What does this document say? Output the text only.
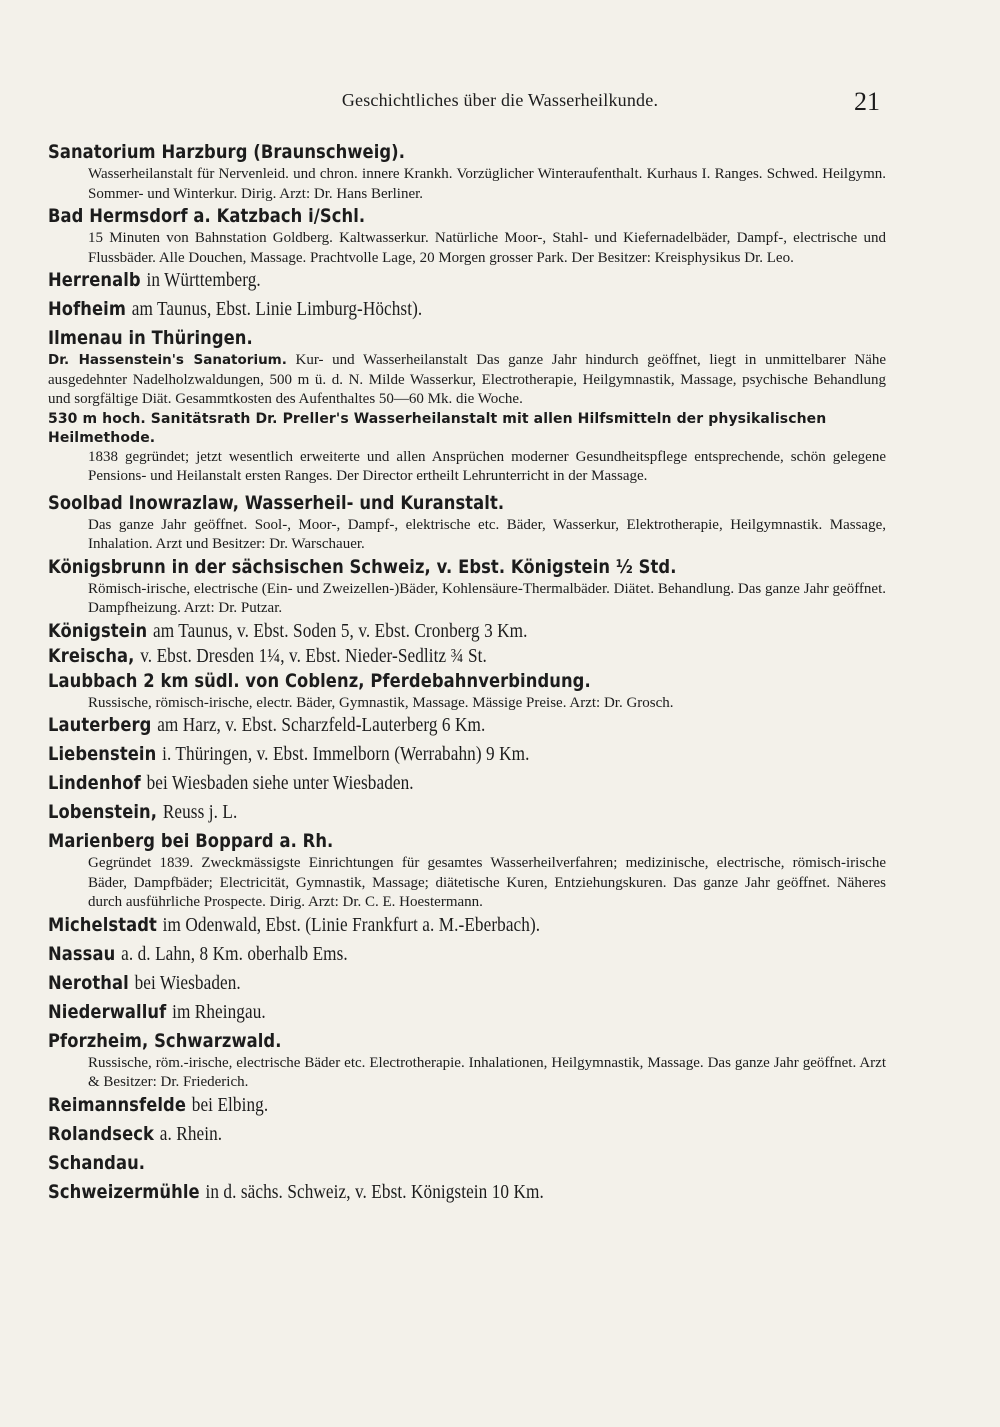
Geschichtliches über die Wasserheilkunde.	21
Sanatorium Harzburg (Braunschweig).

Wasserheilanstalt für Nervenleid. und chron. innere Krankh. Vorzüglicher Winteraufenthalt. Kurhaus I. Ranges. Schwed. Heilgymn. Sommer- und Winterkur. Dirig. Arzt: Dr. Hans Berliner.

Bad Hermsdorf a. Katzbach i/Schl.

15 Minuten von Bahnstation Goldberg. Kaltwasserkur. Natürliche Moor-, Stahl- und Kiefernadelbäder, Dampf-, electrische und Flussbäder. Alle Douchen, Massage. Prachtvolle Lage, 20 Morgen grosser Park. Der Besitzer: Kreisphysikus Dr. Leo.

Herrenalb in Württemberg.
Hofheim am Taunus, Ebst. Linie Limburg-Höchst).
Ilmenau in Thüringen.

Dr. Hassenstein's Sanatorium. Kur- und Wasserheilanstalt Das ganze Jahr hindurch geöffnet, liegt in unmittelbarer Nähe ausgedehnter Nadelholzwaldungen, 500 m ü. d. N. Milde Wasserkur, Electrotherapie, Heilgymnastik, Massage, psychische Behandlung und sorgfältige Diät. Gesammtkosten des Aufenthaltes 50—60 Mk. die Woche.

530 m hoch. Sanitätsrath Dr. Preller's Wasserheilanstalt mit allen Hilfsmitteln der physikalischen Heilmethode.

1838 gegründet; jetzt wesentlich erweiterte und allen Ansprüchen moderner Gesundheitspflege entsprechende, schön gelegene Pensions- und Heilanstalt ersten Ranges. Der Director ertheilt Lehrunterricht in der Massage.

Soolbad Inowrazlaw, Wasserheil- und Kuranstalt.

Das ganze Jahr geöffnet. Sool-, Moor-, Dampf-, elektrische etc. Bäder, Wasserkur, Elektrotherapie, Heilgymnastik. Massage, Inhalation. Arzt und Besitzer: Dr. Warschauer.

Königsbrunn in der sächsischen Schweiz, v. Ebst. Königstein ½ Std.

Römisch-irische, electrische (Ein- und Zweizellen-)Bäder, Kohlensäure-Thermalbäder. Diätet. Behandlung. Das ganze Jahr geöffnet. Dampfheizung. Arzt: Dr. Putzar.

Königstein am Taunus, v. Ebst. Soden 5, v. Ebst. Cronberg 3 Km.
Kreischa, v. Ebst. Dresden 1¼, v. Ebst. Nieder-Sedlitz ¾ St.
Laubbach 2 km südl. von Coblenz, Pferdebahnverbindung.

Russische, römisch-irische, electr. Bäder, Gymnastik, Massage. Mässige Preise. Arzt: Dr. Grosch.

Lauterberg am Harz, v. Ebst. Scharzfeld-Lauterberg 6 Km.
Liebenstein i. Thüringen, v. Ebst. Immelborn (Werrabahn) 9 Km.
Lindenhof bei Wiesbaden siehe unter Wiesbaden.
Lobenstein, Reuss j. L.
Marienberg bei Boppard a. Rh.

Gegründet 1839. Zweckmässigste Einrichtungen für gesamtes Wasserheilverfahren; medizinische, electrische, römisch-irische Bäder, Dampfbäder; Electricität, Gymnastik, Massage; diätetische Kuren, Entziehungskuren. Das ganze Jahr geöffnet. Näheres durch ausführliche Prospecte. Dirig. Arzt: Dr. C. E. Hoestermann.

Michelstadt im Odenwald, Ebst. (Linie Frankfurt a. M.-Eberbach).
Nassau a. d. Lahn, 8 Km. oberhalb Ems.
Nerothal bei Wiesbaden.
Niederwalluf im Rheingau.
Pforzheim, Schwarzwald.

Russische, röm.-irische, electrische Bäder etc. Electrotherapie. Inhalationen, Heilgymnastik, Massage. Das ganze Jahr geöffnet. Arzt & Besitzer: Dr. Friederich.

Reimannsfelde bei Elbing.
Rolandseck a. Rhein.
Schandau.
Schweizermühle in d. sächs. Schweiz, v. Ebst. Königstein 10 Km.
